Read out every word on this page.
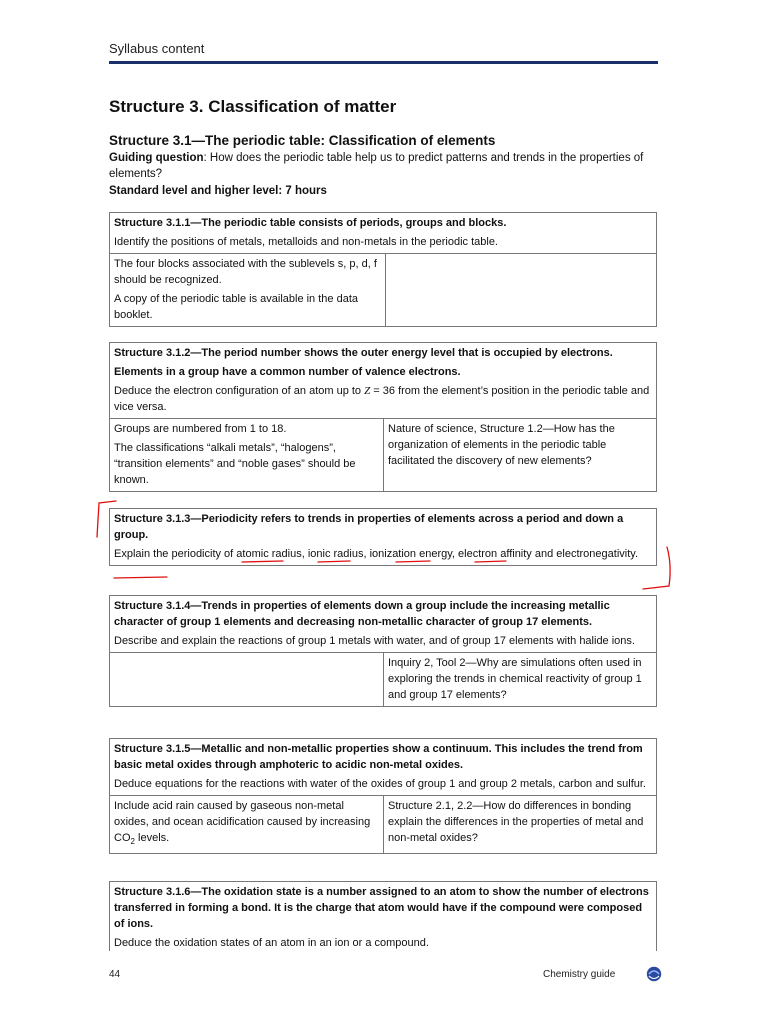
Syllabus content
Structure 3. Classification of matter
Structure 3.1—The periodic table: Classification of elements
Guiding question: How does the periodic table help us to predict patterns and trends in the properties of elements?
Standard level and higher level: 7 hours

Structure 3.1.1—The periodic table consists of periods, groups and blocks.

Identify the positions of metals, metalloids and non-metals in the periodic table.

The four blocks associated with the sublevels s, p, d, f should be recognized.

A copy of the periodic table is available in the data booklet.

Structure 3.1.2—The period number shows the outer energy level that is occupied by electrons.

Elements in a group have a common number of valence electrons.

Deduce the electron configuration of an atom up to Z = 36 from the element’s position in the periodic table and vice versa.

Groups are numbered from 1 to 18.

The classifications “alkali metals”, “halogens”, “transition elements” and “noble gases” should be known.

Nature of science, Structure 1.2—How has the organization of elements in the periodic table facilitated the discovery of new elements?

Structure 3.1.3—Periodicity refers to trends in properties of elements across a period and down a group.

Explain the periodicity of atomic radius, ionic radius, ionization energy, electron affinity and electronegativity.

Structure 3.1.4—Trends in properties of elements down a group include the increasing metallic character of group 1 elements and decreasing non-metallic character of group 17 elements.

Describe and explain the reactions of group 1 metals with water, and of group 17 elements with halide ions.

Inquiry 2, Tool 2—Why are simulations often used in exploring the trends in chemical reactivity of group 1 and group 17 elements?

Structure 3.1.5—Metallic and non-metallic properties show a continuum. This includes the trend from basic metal oxides through amphoteric to acidic non-metal oxides.

Deduce equations for the reactions with water of the oxides of group 1 and group 2 metals, carbon and sulfur.

Include acid rain caused by gaseous non-metal oxides, and ocean acidification caused by increasing $CO_2$ levels.

Structure 2.1, 2.2—How do differences in bonding explain the differences in the properties of metal and non-metal oxides?

Structure 3.1.6—The oxidation state is a number assigned to an atom to show the number of electrons transferred in forming a bond. It is the charge that atom would have if the compound were composed of ions.

Deduce the oxidation states of an atom in an ion or a compound.

44	Chemistry guide
